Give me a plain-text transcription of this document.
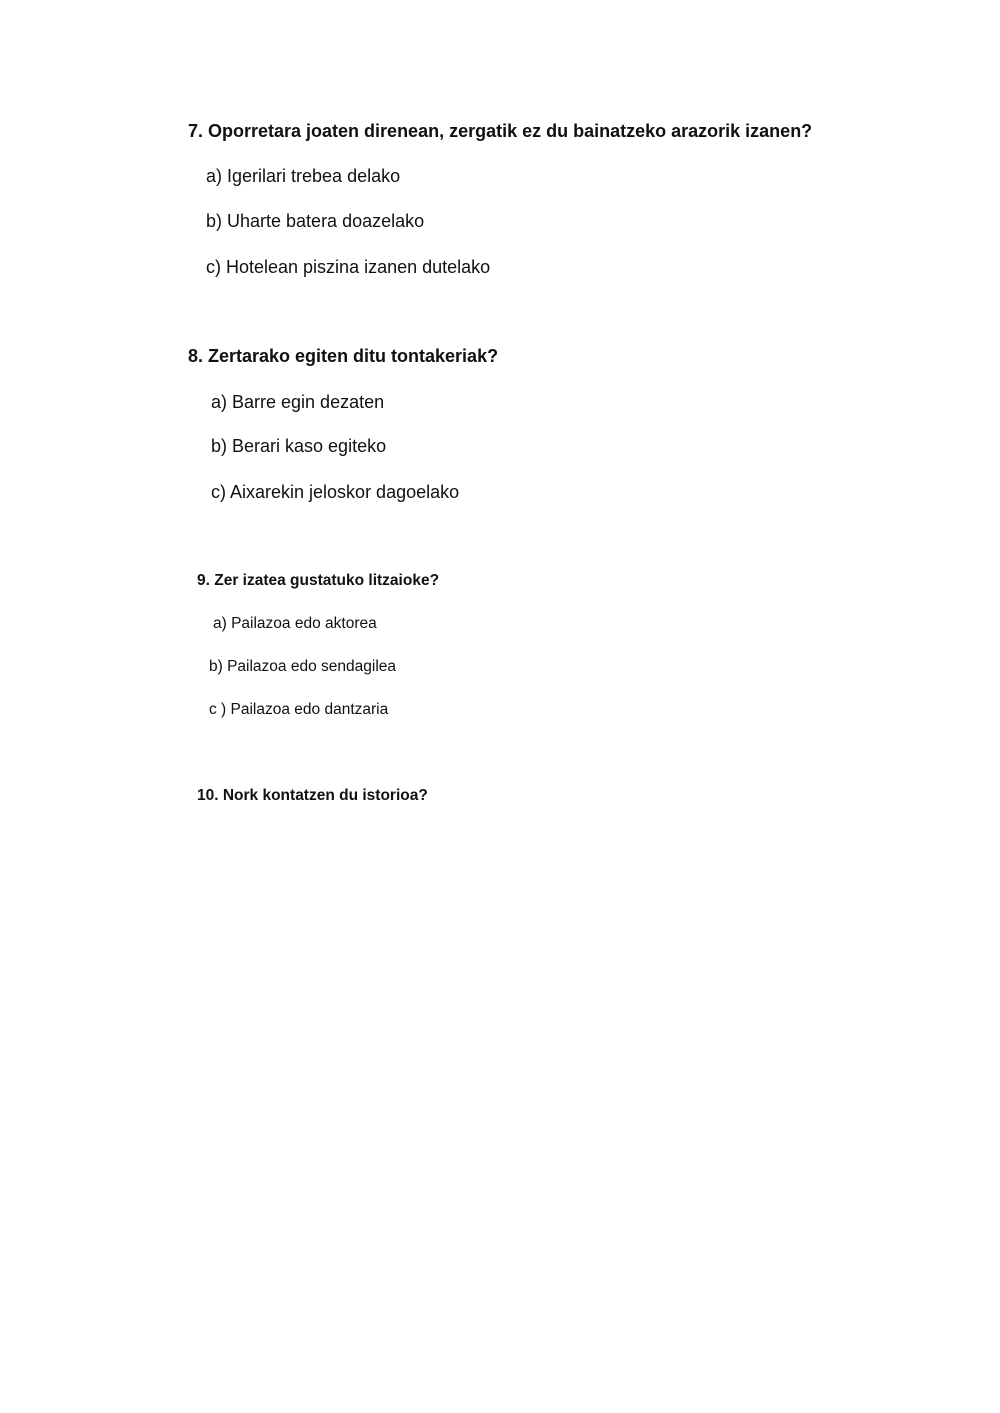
7. Oporretara joaten direnean, zergatik ez du bainatzeko arazorik izanen?
a) Igerilari trebea delako
b) Uharte batera doazelako
c) Hotelean piszina izanen dutelako
8. Zertarako egiten ditu tontakeriak?
a) Barre egin dezaten
b) Berari kaso egiteko
c) Aixarekin jeloskor dagoelako
9. Zer izatea gustatuko litzaioke?
a) Pailazoa edo aktorea
b) Pailazoa edo sendagilea
c ) Pailazoa edo dantzaria
10. Nork kontatzen du istorioa?
